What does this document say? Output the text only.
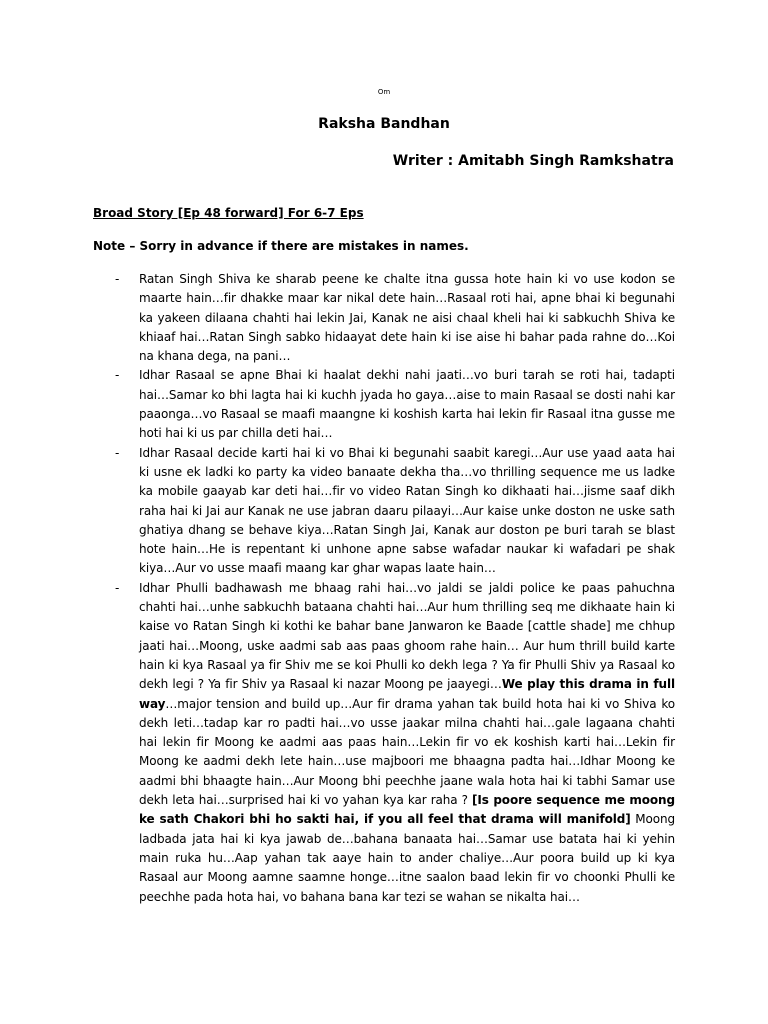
Om
Raksha Bandhan
Writer : Amitabh Singh Ramkshatra
Broad Story [Ep 48 forward] For 6-7 Eps
Note – Sorry in advance if there are mistakes in names.
- Ratan Singh Shiva ke sharab peene ke chalte itna gussa hote hain ki vo use kodon se maarte hain…fir dhakke maar kar nikal dete hain…Rasaal roti hai, apne bhai ki begunahi ka yakeen dilaana chahti hai lekin Jai, Kanak ne aisi chaal kheli hai ki sabkuchh Shiva ke khiaaf hai…Ratan Singh sabko hidaayat dete hain ki ise aise hi bahar pada rahne do…Koi na khana dega, na pani…
- Idhar Rasaal se apne Bhai ki haalat dekhi nahi jaati…vo buri tarah se roti hai, tadapti hai…Samar ko bhi lagta hai ki kuchh jyada ho gaya…aise to main Rasaal se dosti nahi kar paaonga…vo Rasaal se maafi maangne ki koshish karta hai lekin fir Rasaal itna gusse me hoti hai ki us par chilla deti hai…
- Idhar Rasaal decide karti hai ki vo Bhai ki begunahi saabit karegi…Aur use yaad aata hai ki usne ek ladki ko party ka video banaate dekha tha…vo thrilling sequence me us ladke ka mobile gaayab kar deti hai…fir vo video Ratan Singh ko dikhaati hai…jisme saaf dikh raha hai ki Jai aur Kanak ne use jabran daaru pilaayi…Aur kaise unke doston ne uske sath ghatiya dhang se behave kiya…Ratan Singh Jai, Kanak aur doston pe buri tarah se blast hote hain…He is repentant ki unhone apne sabse wafadar naukar ki wafadari pe shak kiya…Aur vo usse maafi maang kar ghar wapas laate hain…
- Idhar Phulli badhawash me bhaag rahi hai…vo jaldi se jaldi police ke paas pahuchna chahti hai…unhe sabkuchh bataana chahti hai…Aur hum thrilling seq me dikhaate hain ki kaise vo Ratan Singh ki kothi ke bahar bane Janwaron ke Baade [cattle shade] me chhup jaati hai…Moong, uske aadmi sab aas paas ghoom rahe hain… Aur hum thrill build karte hain ki kya Rasaal ya fir Shiv me se koi Phulli ko dekh lega ? Ya fir Phulli Shiv ya Rasaal ko dekh legi ? Ya fir Shiv ya Rasaal ki nazar Moong pe jaayegi…We play this drama in full way…major tension and build up…Aur fir drama yahan tak build hota hai ki vo Shiva ko dekh leti…tadap kar ro padti hai…vo usse jaakar milna chahti hai…gale lagaana chahti hai lekin fir Moong ke aadmi aas paas hain…Lekin fir vo ek koshish karti hai…Lekin fir Moong ke aadmi dekh lete hain…use majboori me bhaagna padta hai…Idhar Moong ke aadmi bhi bhaagte hain…Aur Moong bhi peechhe jaane wala hota hai ki tabhi Samar use dekh leta hai…surprised hai ki vo yahan kya kar raha ? [Is poore sequence me moong ke sath Chakori bhi ho sakti hai, if you all feel that drama will manifold] Moong ladbada jata hai ki kya jawab de…bahana banaata hai…Samar use batata hai ki yehin main ruka hu…Aap yahan tak aaye hain to ander chaliye…Aur poora build up ki kya Rasaal aur Moong aamne saamne honge…itne saalon baad lekin fir vo choonki Phulli ke peechhe pada hota hai, vo bahana bana kar tezi se wahan se nikalta hai…
